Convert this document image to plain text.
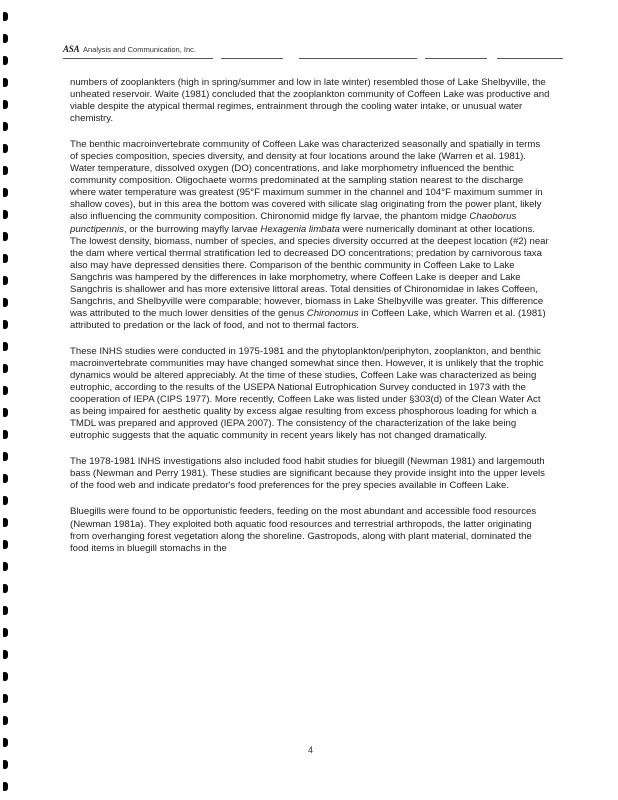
ASA Analysis and Communication, Inc.

numbers of zooplankters (high in spring/summer and low in late winter) resembled those of Lake Shelbyville, the unheated reservoir. Waite (1981) concluded that the zooplankton community of Coffeen Lake was productive and viable despite the atypical thermal regimes, entrainment through the cooling water intake, or unusual water chemistry.

The benthic macroinvertebrate community of Coffeen Lake was characterized seasonally and spatially in terms of species composition, species diversity, and density at four locations around the lake (Warren et al. 1981). Water temperature, dissolved oxygen (DO) concentrations, and lake morphometry influenced the benthic community composition. Oligochaete worms predominated at the sampling station nearest to the discharge where water temperature was greatest (95°F maximum summer in the channel and 104°F maximum summer in shallow coves), but in this area the bottom was covered with silicate slag originating from the power plant, likely also influencing the community composition. Chironomid midge fly larvae, the phantom midge Chaoborus punctipennis, or the burrowing mayfly larvae Hexagenia limbata were numerically dominant at other locations. The lowest density, biomass, number of species, and species diversity occurred at the deepest location (#2) near the dam where vertical thermal stratification led to decreased DO concentrations; predation by carnivorous taxa also may have depressed densities there. Comparison of the benthic community in Coffeen Lake to Lake Sangchris was hampered by the differences in lake morphometry, where Coffeen Lake is deeper and Lake Sangchris is shallower and has more extensive littoral areas. Total densities of Chironomidae in lakes Coffeen, Sangchris, and Shelbyville were comparable; however, biomass in Lake Shelbyville was greater. This difference was attributed to the much lower densities of the genus Chironomus in Coffeen Lake, which Warren et al. (1981) attributed to predation or the lack of food, and not to thermal factors.

These INHS studies were conducted in 1975-1981 and the phytoplankton/periphyton, zooplankton, and benthic macroinvertebrate communities may have changed somewhat since then. However, it is unlikely that the trophic dynamics would be altered appreciably. At the time of these studies, Coffeen Lake was characterized as being eutrophic, according to the results of the USEPA National Eutrophication Survey conducted in 1973 with the cooperation of IEPA (CIPS 1977). More recently, Coffeen Lake was listed under §303(d) of the Clean Water Act as being impaired for aesthetic quality by excess algae resulting from excess phosphorous loading for which a TMDL was prepared and approved (IEPA 2007). The consistency of the characterization of the lake being eutrophic suggests that the aquatic community in recent years likely has not changed dramatically.

The 1978-1981 INHS investigations also included food habit studies for bluegill (Newman 1981) and largemouth bass (Newman and Perry 1981). These studies are significant because they provide insight into the upper levels of the food web and indicate predator's food preferences for the prey species available in Coffeen Lake.

Bluegills were found to be opportunistic feeders, feeding on the most abundant and accessible food resources (Newman 1981a). They exploited both aquatic food resources and terrestrial arthropods, the latter originating from overhanging forest vegetation along the shoreline. Gastropods, along with plant material, dominated the food items in bluegill stomachs in the

4
